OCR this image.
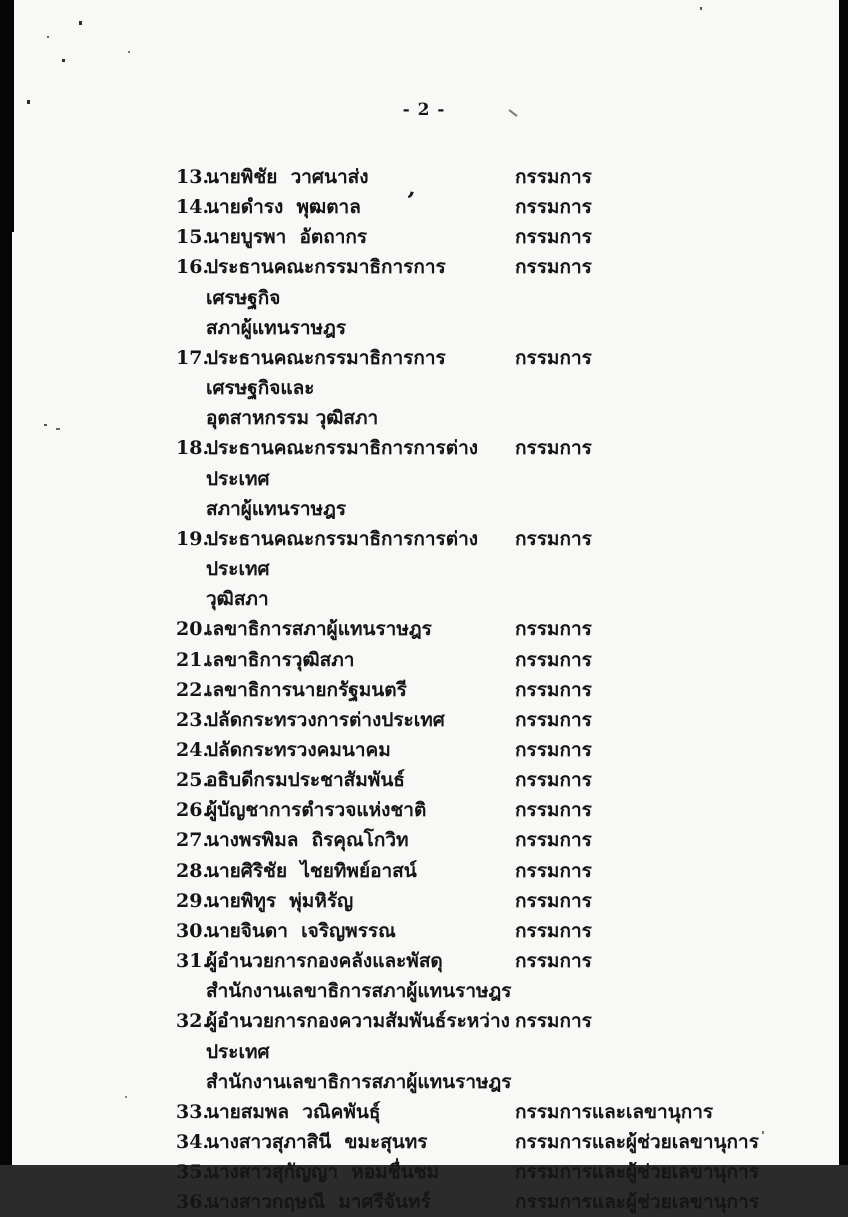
- 2 -
’
13.
นายพิชัย  วาศนาส่ง	กรรมการ
14.
นายดำรง  พุฒตาล	กรรมการ
15.
นายบูรพา  อัตถากร	กรรมการ
16.
ประธานคณะกรรมาธิการการเศรษฐกิจ
สภาผู้แทนราษฎร
กรรมการ
17.
ประธานคณะกรรมาธิการการเศรษฐกิจและ
อุตสาหกรรม วุฒิสภา
กรรมการ
18.
ประธานคณะกรรมาธิการการต่างประเทศ
สภาผู้แทนราษฎร
กรรมการ
19.
ประธานคณะกรรมาธิการการต่างประเทศ
วุฒิสภา
กรรมการ
20.
เลขาธิการสภาผู้แทนราษฎร	กรรมการ
21.
เลขาธิการวุฒิสภา	กรรมการ
22.
เลขาธิการนายกรัฐมนตรี	กรรมการ
23.
ปลัดกระทรวงการต่างประเทศ	กรรมการ
24.
ปลัดกระทรวงคมนาคม	กรรมการ
25.
อธิบดีกรมประชาสัมพันธ์	กรรมการ
26.
ผู้บัญชาการตำรวจแห่งชาติ	กรรมการ
27.
นางพรพิมล  ถิรคุณโกวิท	กรรมการ
28.
นายศิริชัย  ไชยทิพย์อาสน์	กรรมการ
29.
นายพิทูร  พุ่มหิรัญ	กรรมการ
30.
นายจินดา  เจริญพรรณ	กรรมการ
31.
ผู้อำนวยการกองคลังและพัสดุ
สำนักงานเลขาธิการสภาผู้แทนราษฎร
กรรมการ
32.
ผู้อำนวยการกองความสัมพันธ์ระหว่างประเทศ
สำนักงานเลขาธิการสภาผู้แทนราษฎร
กรรมการ
33.
นายสมพล  วณิคพันธุ์	กรรมการและเลขานุการ
34.
นางสาวสุภาสินี  ขมะสุนทร	กรรมการและผู้ช่วยเลขานุการ
35.
นางสาวสุกัญญา  หอมชื่นชม	กรรมการและผู้ช่วยเลขานุการ
36.
นางสาวกฤษณี  มาศรีจันทร์	กรรมการและผู้ช่วยเลขานุการ
